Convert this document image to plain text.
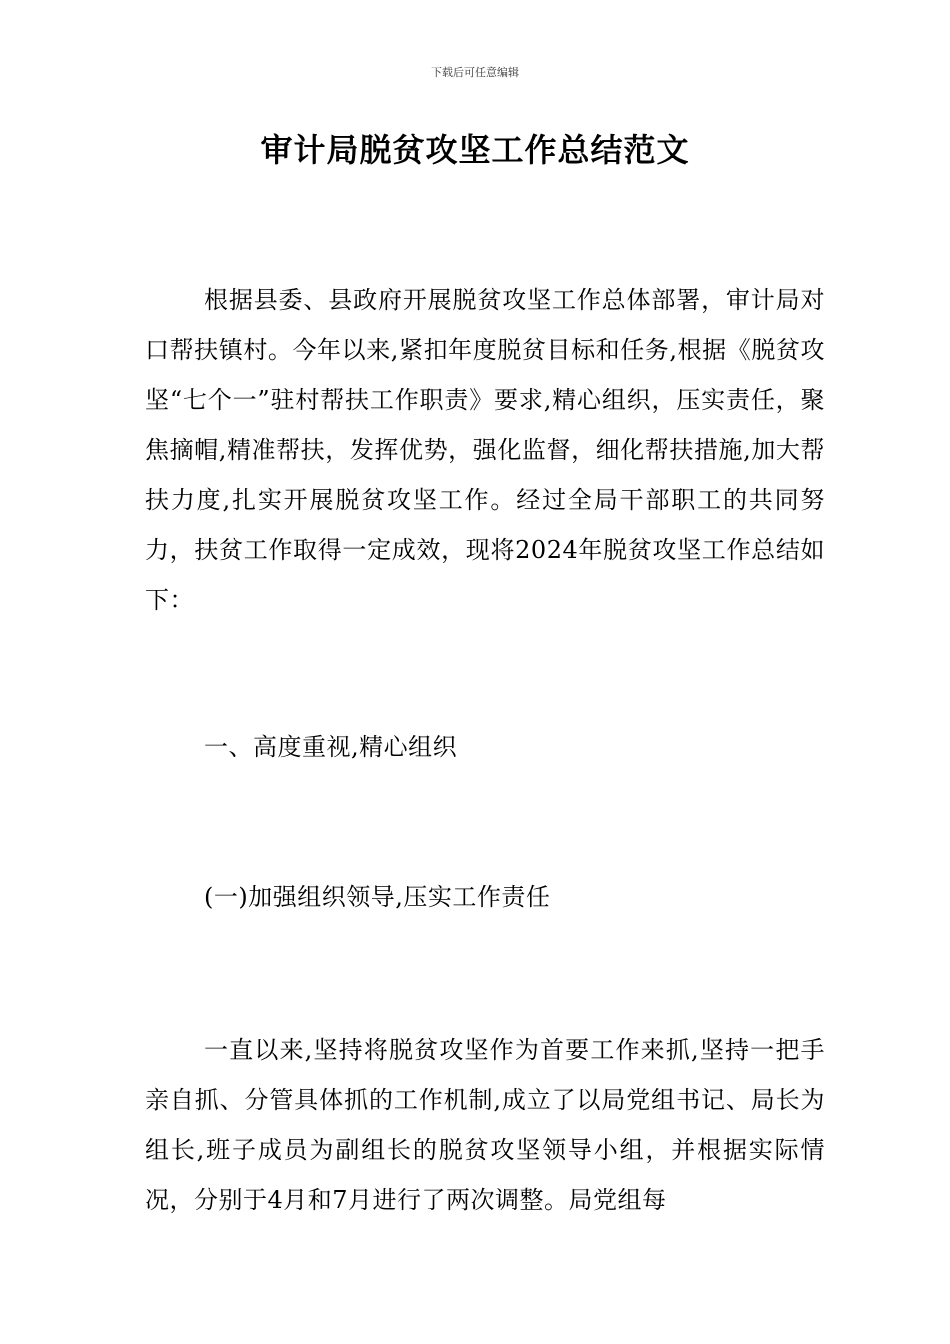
下载后可任意编辑
审计局脱贫攻坚工作总结范文

根据县委、县政府开展脱贫攻坚工作总体部署，审计局对口帮扶镇村。今年以来,紧扣年度脱贫目标和任务,根据《脱贫攻坚“七个一”驻村帮扶工作职责》要求,精心组织，压实责任，聚焦摘帽,精准帮扶，发挥优势，强化监督，细化帮扶措施,加大帮扶力度,扎实开展脱贫攻坚工作。经过全局干部职工的共同努力，扶贫工作取得一定成效，现将2024年脱贫攻坚工作总结如下：

一、高度重视,精心组织

(一)加强组织领导,压实工作责任

一直以来,坚持将脱贫攻坚作为首要工作来抓,坚持一把手亲自抓、分管具体抓的工作机制,成立了以局党组书记、局长为组长,班子成员为副组长的脱贫攻坚领导小组，并根据实际情况，分别于4月和7月进行了两次调整。局党组每
